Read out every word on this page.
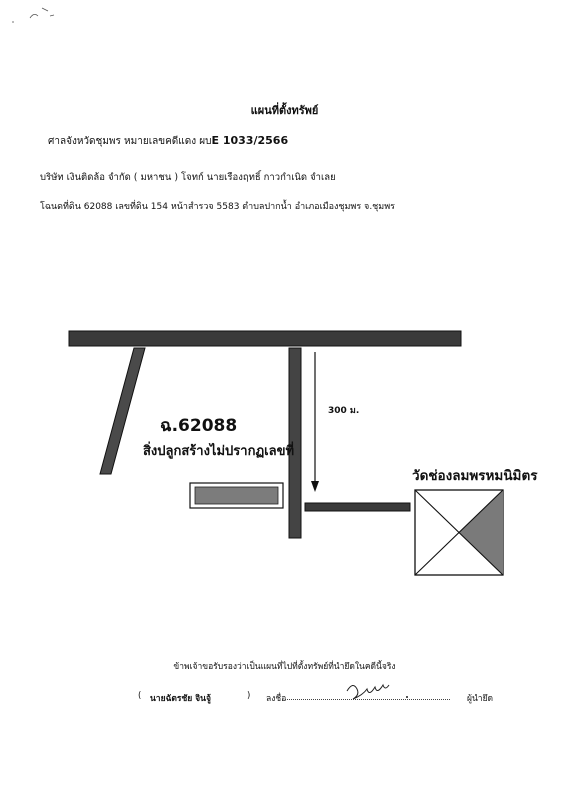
แผนที่ตั้งทรัพย์
ศาลจังหวัดชุมพร หมายเลขคดีแดง ผบE 1033/2566
บริษัท เงินติดล้อ จำกัด ( มหาชน ) โจทก์ นายเรืองฤทธิ์ กาวกำเนิด จำเลย
โฉนดที่ดิน 62088 เลขที่ดิน 154 หน้าสำรวจ 5583 ตำบลปากน้ำ อำเภอเมืองชุมพร จ.ชุมพร
ฉ.62088
สิ่งปลูกสร้างไม่ปรากฏเลขที่
300 ม.
วัดช่องลมพรหมนิมิตร
ข้าพเจ้าขอรับรองว่าเป็นแผนที่ไปที่ตั้งทรัพย์ที่นำยึดในคดีนี้จริง
( นายฉัตรชัย จินจู้	) ลงชื่อ	ผู้นำยึด
